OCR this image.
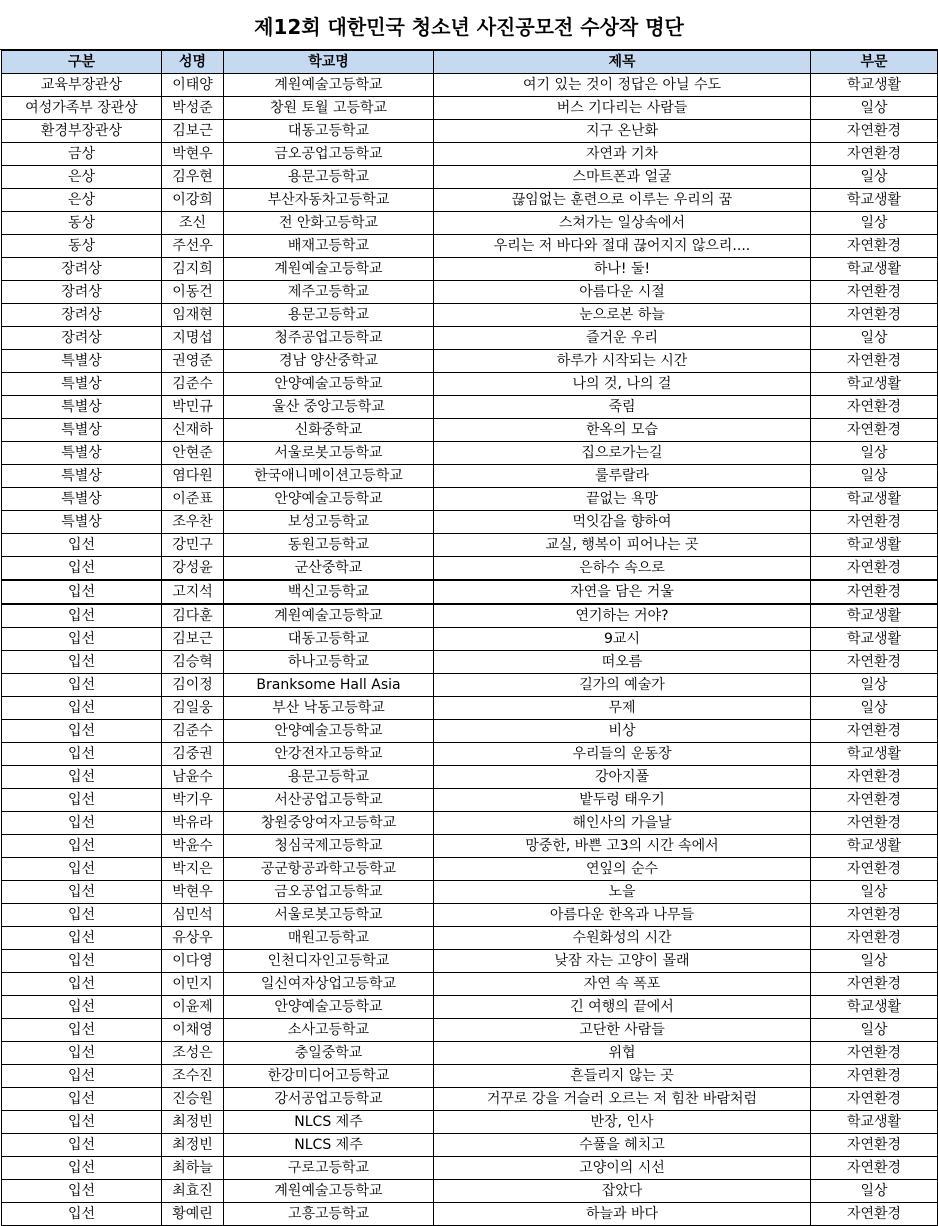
제12회 대한민국 청소년 사진공모전 수상작 명단
구분	성명	학교명	제목	부문
교육부장관상	이태양	계원예술고등학교	여기 있는 것이 정답은 아닐 수도	학교생활
여성가족부 장관상	박성준	창원 토월 고등학교	버스 기다리는 사람들	일상
환경부장관상	김보근	대동고등학교	지구 온난화	자연환경
금상	박현우	금오공업고등학교	자연과 기차	자연환경
은상	김우현	용문고등학교	스마트폰과 얼굴	일상
은상	이강희	부산자동차고등학교	끊임없는 훈련으로 이루는 우리의 꿈	학교생활
동상	조신	전 안화고등학교	스쳐가는 일상속에서	일상
동상	주선우	배재고등학교	우리는 저 바다와 절대 끊어지지 않으리....	자연환경
장려상	김지희	계원예술고등학교	하나! 둘!	학교생활
장려상	이동건	제주고등학교	아름다운 시절	자연환경
장려상	임재현	용문고등학교	눈으로본 하늘	자연환경
장려상	지명섭	청주공업고등학교	즐거운 우리	일상
특별상	권영준	경남 양산중학교	하루가 시작되는 시간	자연환경
특별상	김준수	안양예술고등학교	나의 것, 나의 걸	학교생활
특별상	박민규	울산 중앙고등학교	죽림	자연환경
특별상	신재하	신화중학교	한옥의 모습	자연환경
특별상	안현준	서울로봇고등학교	집으로가는길	일상
특별상	염다원	한국애니메이션고등학교	룰루랄라	일상
특별상	이준표	안양예술고등학교	끝없는 욕망	학교생활
특별상	조우찬	보성고등학교	먹잇감을 향하여	자연환경
입선	강민구	동원고등학교	교실, 행복이 피어나는 곳	학교생활
입선	강성윤	군산중학교	은하수 속으로	자연환경
입선	고지석	백신고등학교	자연을 담은 거울	자연환경
입선	김다훈	계원예술고등학교	연기하는 거야?	학교생활
입선	김보근	대동고등학교	9교시	학교생활
입선	김승혁	하나고등학교	떠오름	자연환경
입선	김이정	Branksome Hall Asia	길가의 예술가	일상
입선	김일웅	부산 낙동고등학교	무제	일상
입선	김준수	안양예술고등학교	비상	자연환경
입선	김중권	안강전자고등학교	우리들의 운동장	학교생활
입선	남윤수	용문고등학교	강아지풀	자연환경
입선	박기우	서산공업고등학교	밭두렁 태우기	자연환경
입선	박유라	창원중앙여자고등학교	해인사의 가을날	자연환경
입선	박윤수	청심국제고등학교	망중한, 바쁜 고3의 시간 속에서	학교생활
입선	박지은	공군항공과학고등학교	연잎의 순수	자연환경
입선	박현우	금오공업고등학교	노을	일상
입선	심민석	서울로봇고등학교	아름다운 한옥과 나무들	자연환경
입선	유상우	매원고등학교	수원화성의 시간	자연환경
입선	이다영	인천디자인고등학교	낮잠 자는 고양이 몰래	일상
입선	이민지	일신여자상업고등학교	자연 속 폭포	자연환경
입선	이윤제	안양예술고등학교	긴 여행의 끝에서	학교생활
입선	이채영	소사고등학교	고단한 사람들	일상
입선	조성은	충일중학교	위협	자연환경
입선	조수진	한강미디어고등학교	흔들리지 않는 곳	자연환경
입선	진승원	강서공업고등학교	거꾸로 강을 거슬러 오르는 저 힘찬 바람처럼	자연환경
입선	최정빈	NLCS 제주	반장, 인사	학교생활
입선	최정빈	NLCS 제주	수풀을 헤치고	자연환경
입선	최하늘	구로고등학교	고양이의 시선	자연환경
입선	최효진	계원예술고등학교	잡았다	일상
입선	황예린	고흥고등학교	하늘과 바다	자연환경
